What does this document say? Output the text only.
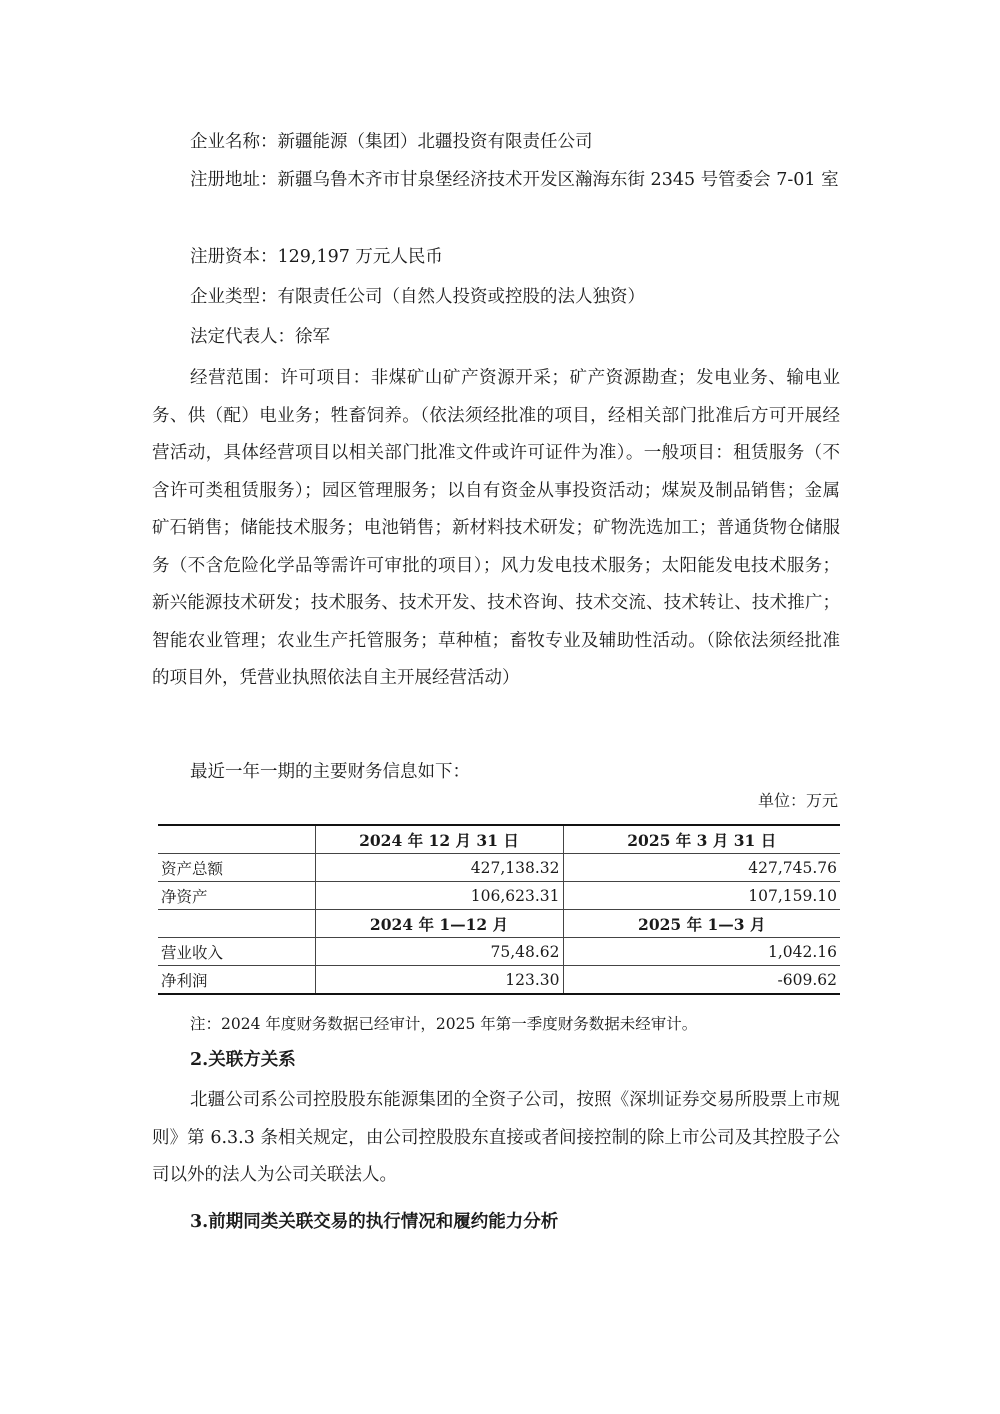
企业名称：新疆能源（集团）北疆投资有限责任公司

注册地址：新疆乌鲁木齐市甘泉堡经济技术开发区瀚海东街 2345 号管委会 7-01 室

注册资本：129,197 万元人民币

企业类型：有限责任公司（自然人投资或控股的法人独资）

法定代表人：徐军

经营范围：许可项目：非煤矿山矿产资源开采；矿产资源勘查；发电业务、输电业务、供（配）电业务；牲畜饲养。（依法须经批准的项目，经相关部门批准后方可开展经营活动，具体经营项目以相关部门批准文件或许可证件为准）。一般项目：租赁服务（不含许可类租赁服务）；园区管理服务；以自有资金从事投资活动；煤炭及制品销售；金属矿石销售；储能技术服务；电池销售；新材料技术研发；矿物洗选加工；普通货物仓储服务（不含危险化学品等需许可审批的项目）；风力发电技术服务；太阳能发电技术服务；新兴能源技术研发；技术服务、技术开发、技术咨询、技术交流、技术转让、技术推广；智能农业管理；农业生产托管服务；草种植；畜牧专业及辅助性活动。（除依法须经批准的项目外，凭营业执照依法自主开展经营活动）

最近一年一期的主要财务信息如下：

单位：万元
	2024 年 12 月 31 日	2025 年 3 月 31 日
资产总额	427,138.32	427,745.76
净资产	106,623.31	107,159.10
	2024 年 1—12 月	2025 年 1—3 月
营业收入	75,48.62	1,042.16
净利润	123.30	-609.62
注：2024 年度财务数据已经审计，2025 年第一季度财务数据未经审计。
2.关联方关系

北疆公司系公司控股股东能源集团的全资子公司，按照《深圳证券交易所股票上市规则》第 6.3.3 条相关规定，由公司控股股东直接或者间接控制的除上市公司及其控股子公司以外的法人为公司关联法人。

3.前期同类关联交易的执行情况和履约能力分析
